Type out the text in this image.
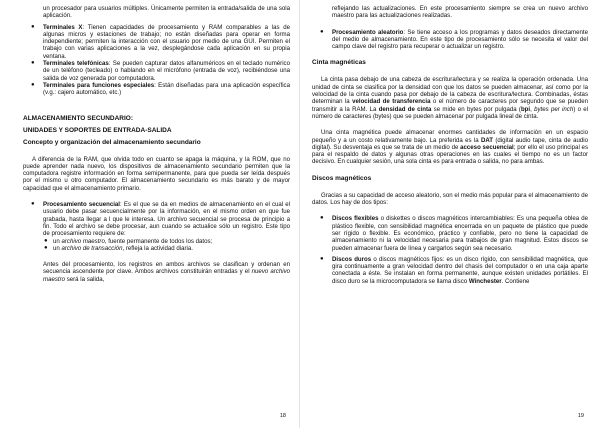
un procesador para usuarios múltiples. Únicamente permiten la entrada/salida de una sola aplicación.

● Terminales X: Tienen capacidades de procesamiento y RAM comparables a las de algunas micros y estaciones de trabajo; no están diseñadas para operar en forma independiente; permiten la interacción con el usuario por medio de una GUI. Permiten el trabajo con varias aplicaciones a la vez, desplegándose cada aplicación en su propia ventana.
● Terminales telefónicas: Se pueden capturar datos alfanuméricos en el teclado numérico de un teléfono (tecleado) o hablando en el micrófono (entrada de voz), recibiéndose una salida de voz generada por computadora.
● Terminales para funciones especiales: Están diseñadas para una aplicación específica (v.g.: cajero automático, etc.)

ALMACENAMIENTO SECUNDARIO:

UNIDADES Y SOPORTES DE ENTRADA-SALIDA

Concepto y organización del almacenamiento secundario

A diferencia de la RAM, que olvida todo en cuanto se apaga la máquina, y la ROM, que no puede aprender nada nuevo, los dispositivos de almacenamiento secundario permiten que la computadora registre información en forma semipermanente, para que pueda ser leída después por el mismo u otro computador. El almacenamiento secundario es más barato y de mayor capacidad que el almacenamiento primario.

● Procesamiento secuencial: Es el que se da en medios de almacenamiento en el cual el usuario debe pasar secuencialmente por la información, en el mismo orden en que fue grabada, hasta llegar a l que le interesa. Un archivo secuencial se procesa de principio a fin. Todo el archivo se debe procesar, aun cuando se actualice sólo un registro. Este tipo de procesamiento requiere de:
● un archivo maestro, fuente permanente de todos los datos;
● un archivo de transacción, refleja la actividad diaria.

Antes del procesamiento, los registros en ambos archivos se clasifican y ordenan en secuencia ascendente por clave. Ambos archivos constituirán entradas y el nuevo archivo maestro será la salida,

18

reflejando las actualizaciones. En este procesamiento siempre se crea un nuevo archivo maestro para las actualizaciones realizadas.

● Procesamiento aleatorio: Se tiene acceso a los programas y datos deseados directamente del medio de almacenamiento. En este tipo de procesamiento sólo se necesita el valor del campo clave del registro para recuperar o actualizar un registro.

Cinta magnéticas

La cinta pasa debajo de una cabeza de escritura/lectura y se realiza la operación ordenada. Una unidad de cinta se clasifica por la densidad con que los datos se pueden almacenar, así como por la velocidad de la cinta cuando pasa por debajo de la cabeza de escritura/lectura. Combinadas, éstas determinan la velocidad de transferencia o el número de caracteres por segundo que se pueden transmitir a la RAM. La densidad de cinta se mide en bytes por pulgada (bpi, bytes per inch) o el número de caracteres (bytes) que se pueden almacenar por pulgada lineal de cinta.

Una cinta magnética puede almacenar enormes cantidades de información en un espacio pequeño y a un costo relativamente bajo. La preferida es la DAT (digital audio tape, cinta de audio digital). Su desventaja es que se trata de un medio de acceso secuencial; por ello el uso principal es para el respaldo de datos y algunas otras operaciones en las cuales el tiempo no es un factor decisivo. En cualquier sesión, una sola cinta es para entrada o salida, no para ambas.

Discos magnéticos

Gracias a su capacidad de acceso aleatorio, son el medio más popular para el almacenamiento de datos. Los hay de dos tipos:

● Discos flexibles o diskettes o discos magnéticos intercambiables: Es una pequeña oblea de plástico flexible, con sensibilidad magnética encerrada en un paquete de plástico que puede ser rígido o flexible. Es económico, práctico y confiable, pero no tiene la capacidad de almacenamiento ni la velocidad necesaria para trabajos de gran magnitud. Estos discos se pueden almacenar fuera de línea y cargarlos según sea necesario.
● Discos duros o discos magnéticos fijos: es un disco rígido, con sensibilidad magnética, que gira continuamente a gran velocidad dentro del chasis del computador o en una caja aparte conectada a éste. Se instalan en forma permanente, aunque existen unidades portátiles. El disco duro se la microcomputadora se llama disco Winchester. Contiene
19
